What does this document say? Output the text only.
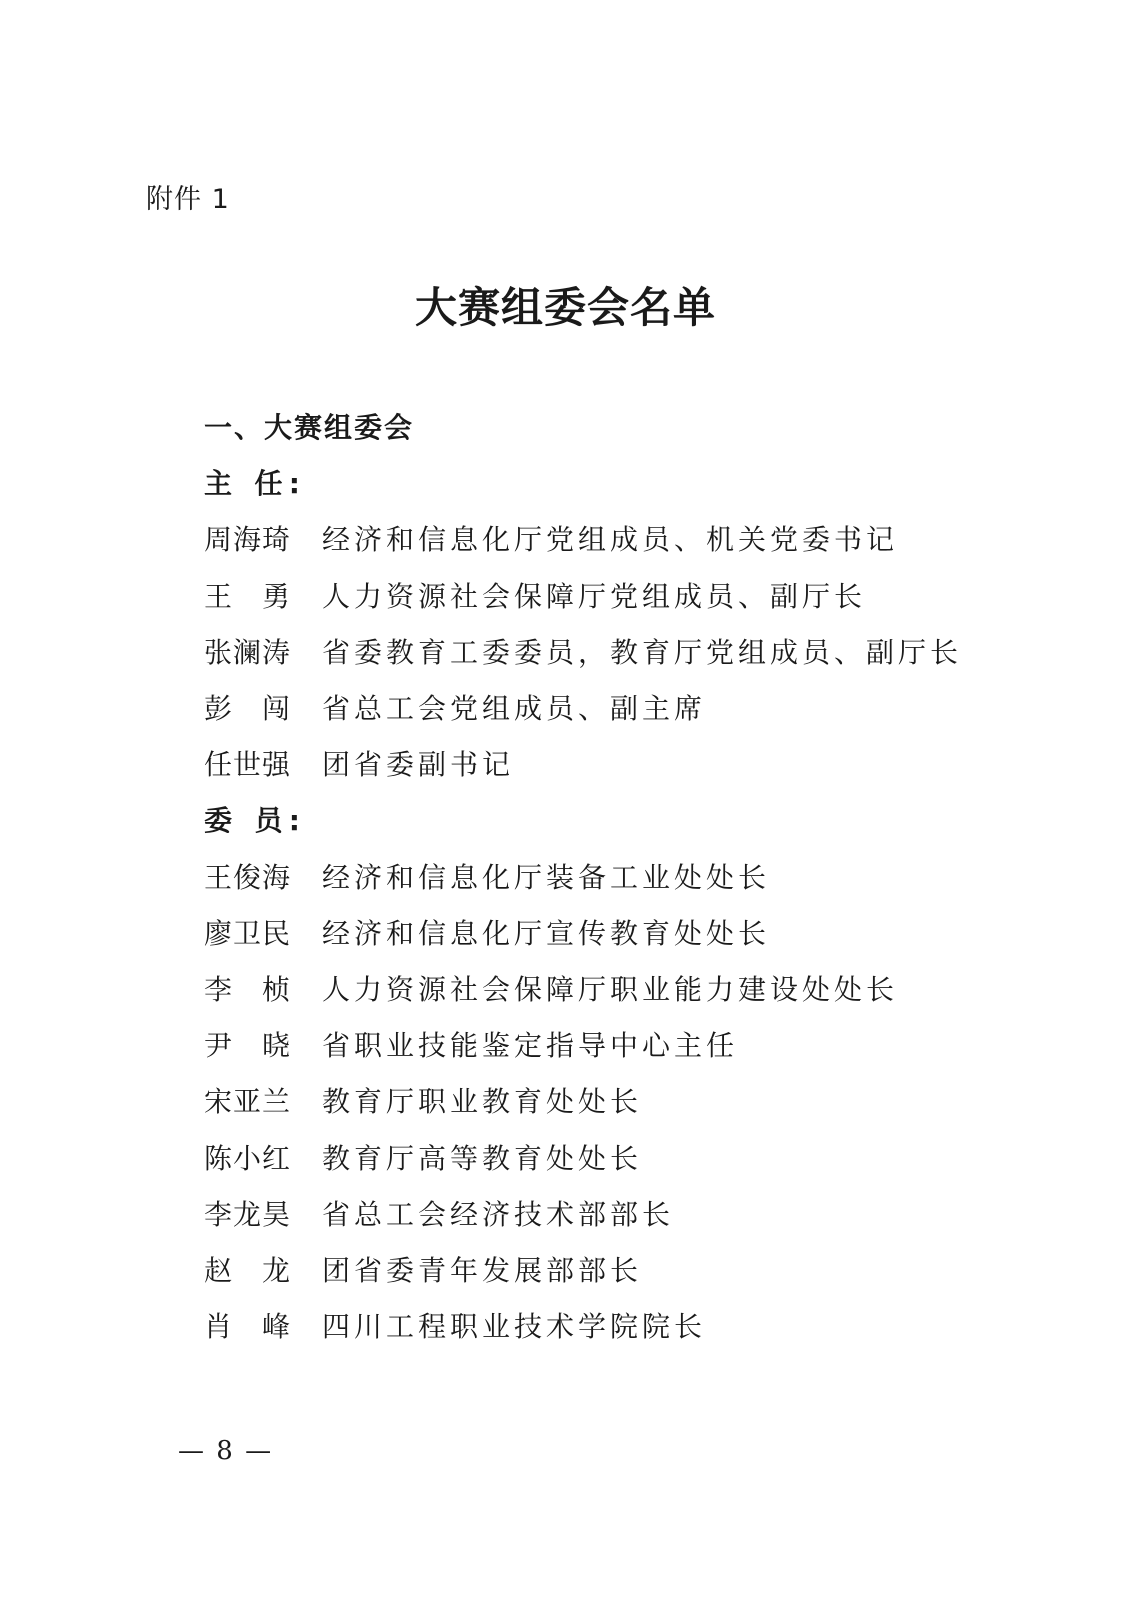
附件 1
大赛组委会名单
一、大赛组委会
主 任:
周海琦 经济和信息化厅党组成员、机关党委书记
王 勇 人力资源社会保障厅党组成员、副厅长
张澜涛 省委教育工委委员，教育厅党组成员、副厅长
彭 闯 省总工会党组成员、副主席
任世强 团省委副书记
委 员:
王俊海 经济和信息化厅装备工业处处长
廖卫民 经济和信息化厅宣传教育处处长
李 桢 人力资源社会保障厅职业能力建设处处长
尹 晓 省职业技能鉴定指导中心主任
宋亚兰 教育厅职业教育处处长
陈小红 教育厅高等教育处处长
李龙昊 省总工会经济技术部部长
赵 龙 团省委青年发展部部长
肖 峰 四川工程职业技术学院院长
— 8 —
